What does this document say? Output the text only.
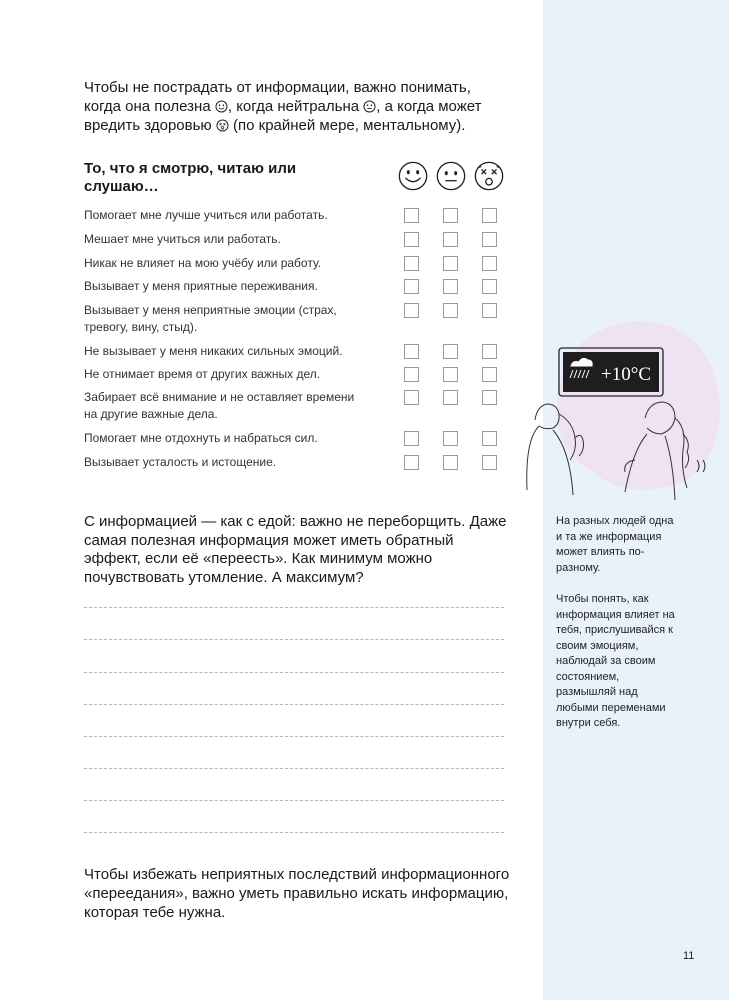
Чтобы не пострадать от информации, важно понимать, когда она полезна , когда нейтральна , а когда может вредить здоровью  (по крайней мере, ментальному).
То, что я смотрю, читаю или слушаю…
Помогает мне лучше учиться или работать.
Мешает мне учиться или работать.
Никак не влияет на мою учёбу или работу.
Вызывает у меня приятные переживания.
Вызывает у меня неприятные эмоции (страх, тревогу, вину, стыд).
Не вызывает у меня никаких сильных эмоций.
Не отнимает время от других важных дел.
Забирает всё внимание и не оставляет времени на другие важные дела.
Помогает мне отдохнуть и набраться сил.
Вызывает усталость и истощение.
С информацией — как с едой: важно не переборщить. Даже самая полезная информация может иметь обратный эффект, если её «переесть». Как минимум можно почувствовать утомление. А максимум?
Чтобы избежать неприятных последствий информационного «переедания», важно уметь правильно искать информацию, которая тебе нужна.
+10°C
На разных людей одна и та же информация может влиять по-разному.
Чтобы понять, как информация влияет на тебя, прислушивайся к своим эмоциям, наблюдай за своим состоянием, размышляй над любыми переменами внутри себя.
11
